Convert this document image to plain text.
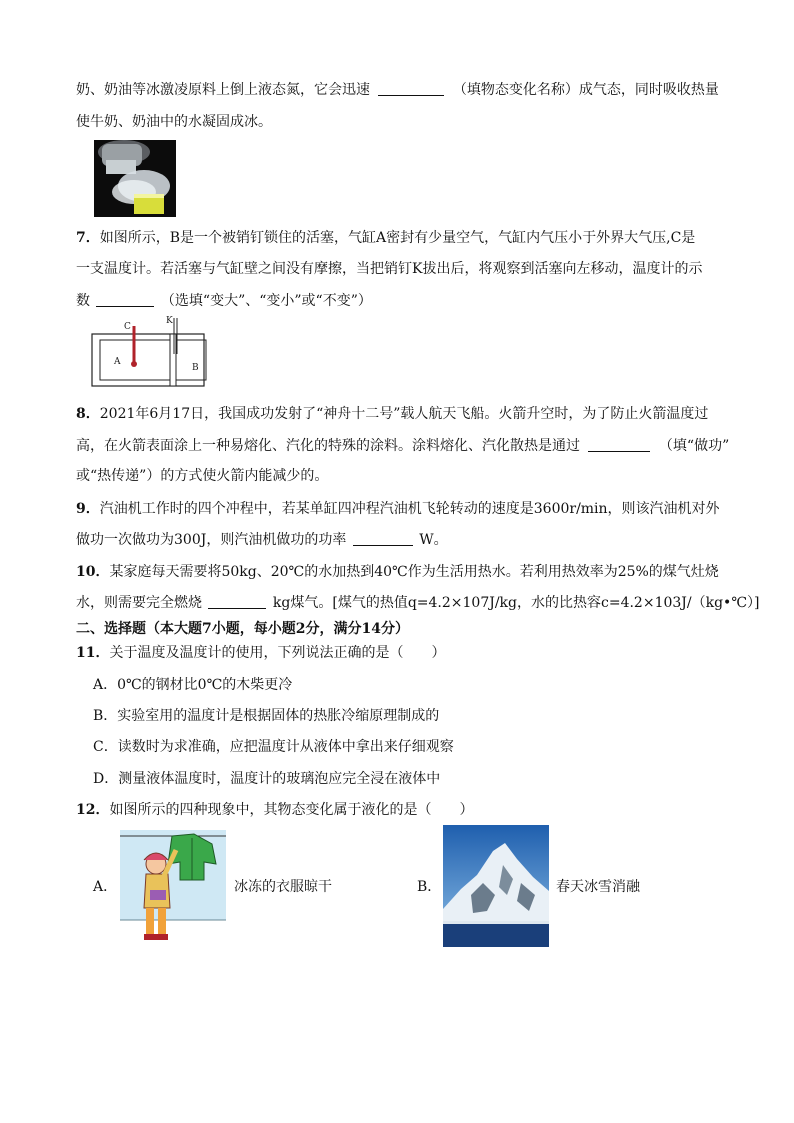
奶、奶油等冰激凌原料上倒上液态氮，它会迅速	（填物态变化名称）成气态，同时吸收热量
使牛奶、奶油中的水凝固成冰。
7．如图所示，B是一个被销钉锁住的活塞，气缸A密封有少量空气，气缸内气压小于外界大气压,C是
一支温度计。若活塞与气缸壁之间没有摩擦，当把销钉K拔出后，将观察到活塞向左移动，温度计的示
数	（选填“变大”、“变小”或“不变”）
C
K
A
B
8．2021年6月17日，我国成功发射了“神舟十二号”载人航天飞船。火箭升空时，为了防止火箭温度过
高，在火箭表面涂上一种易熔化、汽化的特殊的涂料。涂料熔化、汽化散热是通过	（填“做功”
或“热传递”）的方式使火箭内能减少的。
9．汽油机工作时的四个冲程中，若某单缸四冲程汽油机飞轮转动的速度是3600r/min，则该汽油机对外
做功一次做功为300J，则汽油机做功的功率	W。
10．某家庭每天需要将50kg、20℃的水加热到40℃作为生活用热水。若利用热效率为25%的煤气灶烧
水，则需要完全燃烧	kg煤气。[煤气的热值q=4.2×107J/kg，水的比热容c=4.2×103J/（kg•℃）]
二、选择题（本大题7小题，每小题2分，满分14分）
11．关于温度及温度计的使用，下列说法正确的是（　　）
A．0℃的钢材比0℃的木柴更冷
B．实验室用的温度计是根据固体的热胀冷缩原理制成的
C．读数时为求准确，应把温度计从液体中拿出来仔细观察
D．测量液体温度时，温度计的玻璃泡应完全浸在液体中
12．如图所示的四种现象中，其物态变化属于液化的是（　　）
A．	冰冻的衣服晾干	B．	春天冰雪消融
